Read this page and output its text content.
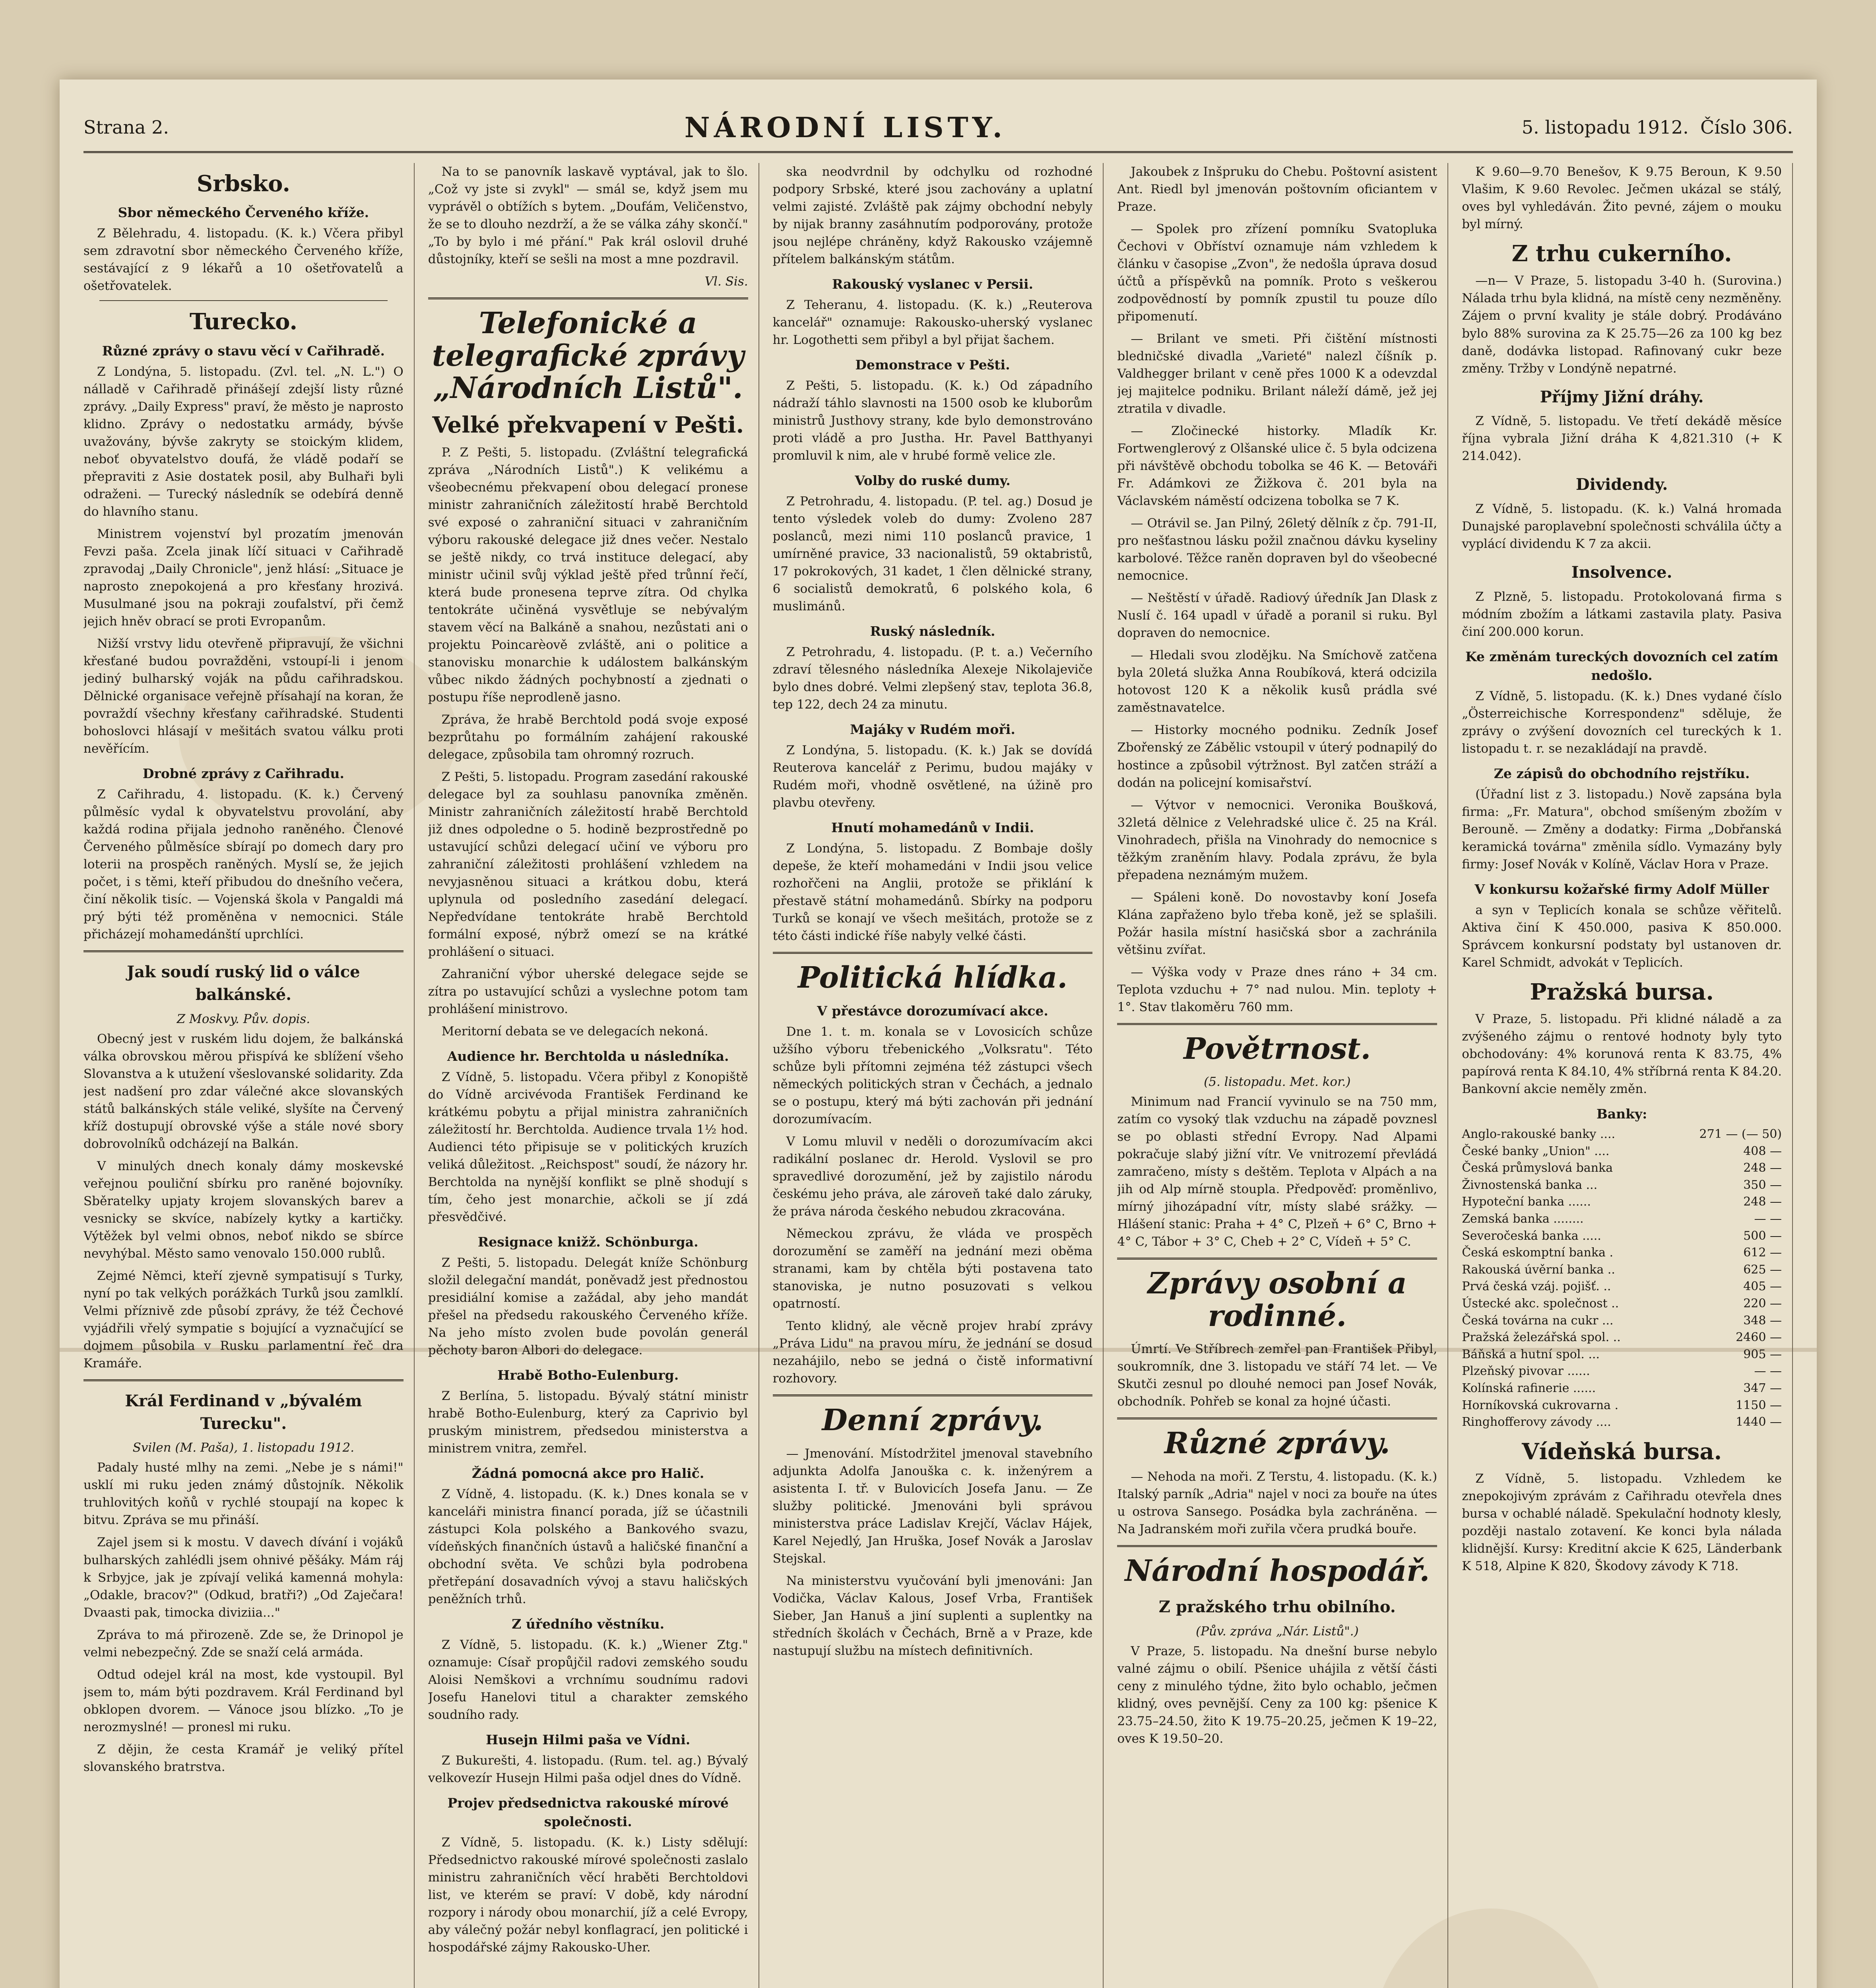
Strana 2.	NÁRODNÍ LISTY.	5. listopadu 1912. Číslo 306.
Srbsko.
Sbor německého Červeného kříže.

Z Bělehradu, 4. listopadu. (K. k.) Včera přibyl sem zdravotní sbor německého Červeného kříže, sestávající z 9 lékařů a 10 ošetřovatelů a ošetřovatelek.

Turecko.
Různé zprávy o stavu věcí v Cařihradě.

Z Londýna, 5. listopadu. (Zvl. tel. „N. L.") O nálladě v Cařihradě přinášejí zdejší listy různé zprávy. „Daily Express" praví, že město je naprosto klidno. Zprávy o nedostatku armády, bývše uvažovány, bývše zakryty se stoickým klidem, neboť obyvatelstvo doufá, že vládě podaří se přepraviti z Asie dostatek posil, aby Bulhaři byli odraženi. — Turecký následník se odebírá denně do hlavního stanu.

Ministrem vojenství byl prozatím jmenován Fevzi paša. Zcela jinak líčí situaci v Cařihradě zpravodaj „Daily Chronicle", jenž hlásí: „Situace je naprosto znepokojená a pro křesťany hrozivá. Musulmané jsou na pokraji zoufalství, při čemž jejich hněv obrací se proti Evropanům.

Nižší vrstvy lidu otevřeně připravují, že všichni křesťané budou povražděni, vstoupí-li i jenom jediný bulharský voják na půdu cařihradskou. Dělnické organisace veřejně přísahají na koran, že povraždí všechny křesťany cařihradské. Studenti bohoslovci hlásají v mešitách svatou válku proti nevěřícím.

Drobné zprávy z Cařihradu.

Z Cařihradu, 4. listopadu. (K. k.) Červený půlměsíc vydal k obyvatelstvu provolání, aby každá rodina přijala jednoho raněného. Členové Červeného půlměsíce sbírají po domech dary pro loterii na prospěch raněných. Myslí se, že jejich počet, i s těmi, kteří přibudou do dnešního večera, činí několik tisíc. — Vojenská škola v Pangaldi má prý býti též proměněna v nemocnici. Stále přicházejí mohamedánští uprchlíci.

Jak soudí ruský lid o válce balkánské.
Z Moskvy. Pův. dopis.

Obecný jest v ruském lidu dojem, že balkánská válka obrovskou měrou přispívá ke sblížení všeho Slovanstva a k utužení všeslovanské solidarity. Zda jest nadšení pro zdar válečné akce slovanských států balkánských stále veliké, slyšíte na Červený kříž dostupují obrovské výše a stále nové sbory dobrovolníků odcházejí na Balkán.

V minulých dnech konaly dámy moskevské veřejnou pouliční sbírku pro raněné bojovníky. Sběratelky upjaty krojem slovanských barev a vesnicky se skvíce, nabízely kytky a kartičky. Výtěžek byl velmi obnos, neboť nikdo se sbírce nevyhýbal. Město samo venovalo 150.000 rublů.

Zejmé Němci, kteří zjevně sympatisují s Turky, nyní po tak velkých porážkách Turků jsou zamlklí. Velmi příznivě zde působí zprávy, že též Čechové vyjádřili vřelý sympatie s bojující a vyznačující se dojmem působila v Rusku parlamentní řeč dra Kramáře.

Král Ferdinand v „bývalém Turecku".
Svilen (M. Paša), 1. listopadu 1912.

Padaly husté mlhy na zemi. „Nebe je s námi!" usklí mi ruku jeden známý důstojník. Několik truhlovitých koňů v rychlé stoupají na kopec k bitvu. Zpráva se mu přináší.

Zajel jsem si k mostu. V davech dívání i vojáků bulharských zahlédli jsem ohnivé pěšáky. Mám ráj k Srbyjce, jak je zpívají veliká kamenná mohyla: „Odakle, bracov?" (Odkud, bratři?) „Od Zaječara! Dvaasti pak, timocka diviziia..."

Zpráva to má přirozeně. Zde se, že Drinopol je velmi nebezpečný. Zde se snaží celá armáda.

Odtud odejel král na most, kde vystoupil. Byl jsem to, mám býti pozdravem. Král Ferdinand byl obklopen dvorem. — Vánoce jsou blízko. „To je nerozmyslné! — pronesl mi ruku.

Z dějin, že cesta Kramář je veliký přítel slovanského bratrstva.

Na to se panovník laskavě vyptával, jak to šlo. „Což vy jste si zvykl" — smál se, když jsem mu vyprávěl o obtížích s bytem. „Doufám, Veličenstvo, že se to dlouho nezdrží, a že se válka záhy skončí." „To by bylo i mé přání." Pak král oslovil druhé důstojníky, kteří se sešli na most a mne pozdravil.

Vl. Sis.
Telefonické a telegrafické zprávy „Národních Listů".
Velké překvapení v Pešti.

P. Z Pešti, 5. listopadu. (Zvláštní telegrafická zpráva „Národních Listů".) K velikému a všeobecnému překvapení obou delegací pronese ministr zahraničních záležitostí hrabě Berchtold své exposé o zahraniční situaci v zahraničním výboru rakouské delegace již dnes večer. Nestalo se ještě nikdy, co trvá instituce delegací, aby ministr učinil svůj výklad ještě před trůnní řečí, která bude pronesena teprve zítra. Od chylka tentokráte učiněná vysvětluje se nebývalým stavem věcí na Balkáně a snahou, nezůstati ani o projektu Poincarèově zvláště, ani o politice a stanovisku monarchie k událostem balkánským vůbec nikdo žádných pochybností a zjednati o postupu říše neprodleně jasno.

Zpráva, že hrabě Berchtold podá svoje exposé bezprůtahu po formálním zahájení rakouské delegace, způsobila tam ohromný rozruch.

Z Pešti, 5. listopadu. Program zasedání rakouské delegace byl za souhlasu panovníka změněn. Ministr zahraničních záležitostí hrabě Berchtold již dnes odpoledne o 5. hodině bezprostředně po ustavující schůzi delegací učiní ve výboru pro zahraniční záležitosti prohlášení vzhledem na nevyjasněnou situaci a krátkou dobu, která uplynula od posledního zasedání delegací. Nepředvídane tentokráte hrabě Berchtold formální exposé, nýbrž omezí se na krátké prohlášení o situaci.

Zahraniční výbor uherské delegace sejde se zítra po ustavující schůzi a vyslechne potom tam prohlášení ministrovo.

Meritorní debata se ve delegacích nekoná.

Audience hr. Berchtolda u následníka.

Z Vídně, 5. listopadu. Včera přibyl z Konopiště do Vídně arcivévoda František Ferdinand ke krátkému pobytu a přijal ministra zahraničních záležitostí hr. Berchtolda. Audience trvala 1½ hod. Audienci této připisuje se v politických kruzích veliká důležitost. „Reichspost" soudí, že názory hr. Berchtolda na nynější konflikt se plně shodují s tím, čeho jest monarchie, ačkoli se jí zdá přesvědčivé.

Resignace knižž. Schönburga.

Z Pešti, 5. listopadu. Delegát kníže Schönburg složil delegační mandát, poněvadž jest přednostou presidiální komise a zažádal, aby jeho mandát přešel na předsedu rakouského Červeného kříže. Na jeho místo zvolen bude povolán generál pěchoty baron Albori do delegace.

Hrabě Botho-Eulenburg.

Z Berlína, 5. listopadu. Bývalý státní ministr hrabě Botho-Eulenburg, který za Caprivio byl pruským ministrem, předsedou ministerstva a ministrem vnitra, zemřel.

Žádná pomocná akce pro Halič.

Z Vídně, 4. listopadu. (K. k.) Dnes konala se v kanceláři ministra financí porada, jíž se účastnili zástupci Kola polského a Bankového svazu, vídeňských finančních ústavů a haličské finanční a obchodní světa. Ve schůzi byla podrobena přetřepání dosavadních vývoj a stavu haličských peněžních trhů.

Z úředního věstníku.

Z Vídně, 5. listopadu. (K. k.) „Wiener Ztg." oznamuje: Císař propůjčil radovi zemského soudu Aloisi Nemškovi a vrchnímu soudnímu radovi Josefu Hanelovi titul a charakter zemského soudního rady.

Husejn Hilmi paša ve Vídni.

Z Bukurešti, 4. listopadu. (Rum. tel. ag.) Bývalý velkovezír Husejn Hilmi paša odjel dnes do Vídně.

Projev předsednictva rakouské mírové společnosti.

Z Vídně, 5. listopadu. (K. k.) Listy sdělují: Předsednictvo rakouské mírové společnosti zaslalo ministru zahraničních věcí hraběti Berchtoldovi list, ve kterém se praví: V době, kdy národní rozpory i národy obou monarchií, jíž a celé Evropy, aby válečný požár nebyl konflagrací, jen politické i hospodářské zájmy Rakousko-Uher.

ska neodvrdnil by odchylku od rozhodné podpory Srbské, které jsou zachovány a uplatní velmi zajisté. Zvláště pak zájmy obchodní nebyly by nijak branny zasáhnutím podporovány, protože jsou nejlépe chráněny, když Rakousko vzájemně přítelem balkánským státům.

Rakouský vyslanec v Persii.

Z Teheranu, 4. listopadu. (K. k.) „Reuterova kancelář" oznamuje: Rakousko-uherský vyslanec hr. Logothetti sem přibyl a byl přijat šachem.

Demonstrace v Pešti.

Z Pešti, 5. listopadu. (K. k.) Od západního nádraží táhlo slavnosti na 1500 osob ke kluborům ministrů Justhovy strany, kde bylo demonstrováno proti vládě a pro Justha. Hr. Pavel Batthyanyi promluvil k nim, ale v hrubé formě velice zle.

Volby do ruské dumy.

Z Petrohradu, 4. listopadu. (P. tel. ag.) Dosud je tento výsledek voleb do dumy: Zvoleno 287 poslanců, mezi nimi 110 poslanců pravice, 1 umírněné pravice, 33 nacionalistů, 59 oktabristů, 17 pokrokových, 31 kadet, 1 člen dělnické strany, 6 socialistů demokratů, 6 polského kola, 6 muslimánů.

Ruský následník.

Z Petrohradu, 4. listopadu. (P. t. a.) Večerního zdraví tělesného následníka Alexeje Nikolajeviče bylo dnes dobré. Velmi zlepšený stav, teplota 36.8, tep 122, dech 24 za minutu.

Majáky v Rudém moři.

Z Londýna, 5. listopadu. (K. k.) Jak se dovídá Reuterova kancelář z Perimu, budou majáky v Rudém moři, vhodně osvětlené, na úžině pro plavbu otevřeny.

Hnutí mohamedánů v Indii.

Z Londýna, 5. listopadu. Z Bombaje došly depeše, že kteří mohamedáni v Indii jsou velice rozhořčeni na Anglii, protože se přiklání k přestavě státní mohamedánů. Sbírky na podporu Turků se konají ve všech mešitách, protože se z této části indické říše nabyly velké části.

Politická hlídka.
V přestávce dorozumívací akce.

Dne 1. t. m. konala se v Lovosicích schůze užšího výboru třebenického „Volksratu". Této schůze byli přítomni zejména též zástupci všech německých politických stran v Čechách, a jednalo se o postupu, který má býti zachován při jednání dorozumívacím.

V Lomu mluvil v neděli o dorozumívacím akci radikální poslanec dr. Herold. Vyslovil se pro spravedlivé dorozumění, jež by zajistilo národu českému jeho práva, ale zároveň také dalo záruky, že práva národa českého nebudou zkracována.

Německou zprávu, že vláda ve prospěch dorozumění se zaměří na jednání mezi oběma stranami, kam by chtěla býti postavena tato stanoviska, je nutno posuzovati s velkou opatrností.

Tento klidný, ale věcně projev hrabí zprávy „Práva Lidu" na pravou míru, že jednání se dosud nezahájilo, nebo se jedná o čistě informativní rozhovory.

Denní zprávy.

— Jmenování. Místodržitel jmenoval stavebního adjunkta Adolfa Janouška c. k. inženýrem a asistenta I. tř. v Bulovicích Josefa Janu. — Ze služby politické. Jmenováni byli správou ministerstva práce Ladislav Krejčí, Václav Hájek, Karel Nejedlý, Jan Hruška, Josef Novák a Jaroslav Stejskal.

Na ministerstvu vyučování byli jmenováni: Jan Vodička, Václav Kalous, Josef Vrba, František Sieber, Jan Hanuš a jiní suplenti a suplentky na středních školách v Čechách, Brně a v Praze, kde nastupují službu na místech definitivních.

Jakoubek z Inšpruku do Chebu. Poštovní asistent Ant. Riedl byl jmenován poštovním oficiantem v Praze.

— Spolek pro zřízení pomníku Svatopluka Čechovi v Obříství oznamuje nám vzhledem k článku v časopise „Zvon", že nedošla úprava dosud účtů a příspěvků na pomník. Proto s veškerou zodpovědností by pomník zpustil tu pouze dílo připomenutí.

— Brilant ve smeti. Při čištění místnosti bledničské divadla „Varieté" nalezl číšník p. Valdhegger brilant v ceně přes 1000 K a odevzdal jej majitelce podniku. Brilant náleží dámě, jež jej ztratila v divadle.

— Zločinecké historky. Mladík Kr. Fortwenglerový z Olšanské ulice č. 5 byla odcizena při návštěvě obchodu tobolka se 46 K. — Betováři Fr. Adámkovi ze Žižkova č. 201 byla na Václavském náměstí odcizena tobolka se 7 K.

— Otrávil se. Jan Pilný, 26letý dělník z čp. 791-II, pro nešťastnou lásku požil značnou dávku kyseliny karbolové. Těžce raněn dopraven byl do všeobecné nemocnice.

— Neštěstí v úřadě. Radiový úředník Jan Dlask z Nuslí č. 164 upadl v úřadě a poranil si ruku. Byl dopraven do nemocnice.

— Hledali svou zlodějku. Na Smíchově zatčena byla 20letá služka Anna Roubíková, která odcizila hotovost 120 K a několik kusů prádla své zaměstnavatelce.

— Historky mocného podniku. Zedník Josef Zbořenský ze Zábělic vstoupil v úterý podnapilý do hostince a způsobil výtržnost. Byl zatčen stráží a dodán na policejní komisařství.

— Výtvor v nemocnici. Veronika Boušková, 32letá dělnice z Velehradské ulice č. 25 na Král. Vinohradech, přišla na Vinohrady do nemocnice s těžkým zraněním hlavy. Podala zprávu, že byla přepadena neznámým mužem.

— Spáleni koně. Do novostavby koní Josefa Klána zapřaženo bylo třeba koně, jež se splašili. Požár hasila místní hasičská sbor a zachránila většinu zvířat.

— Výška vody v Praze dnes ráno + 34 cm. Teplota vzduchu + 7° nad nulou. Min. teploty + 1°. Stav tlakoměru 760 mm.

Povětrnost.
(5. listopadu. Met. kor.)

Minimum nad Francií vyvinulo se na 750 mm, zatím co vysoký tlak vzduchu na západě povznesl se po oblasti střední Evropy. Nad Alpami pokračuje slabý jižní vítr. Ve vnitrozemí převládá zamračeno, místy s deštěm. Teplota v Alpách a na jih od Alp mírně stoupla. Předpověď: proměnlivo, mírný jihozápadní vítr, místy slabé srážky. — Hlášení stanic: Praha + 4° C, Plzeň + 6° C, Brno + 4° C, Tábor + 3° C, Cheb + 2° C, Vídeň + 5° C.

Zprávy osobní a rodinné.

Úmrtí. Ve Stříbrech zemřel pan František Přibyl, soukromník, dne 3. listopadu ve stáří 74 let. — Ve Skutči zesnul po dlouhé nemoci pan Josef Novák, obchodník. Pohřeb se konal za hojné účasti.

Různé zprávy.

— Nehoda na moři. Z Terstu, 4. listopadu. (K. k.) Italský parník „Adria" najel v noci za bouře na útes u ostrova Sansego. Posádka byla zachráněna. — Na Jadranském moři zuřila včera prudká bouře.

Národní hospodář.
Z pražského trhu obilního.
(Pův. zpráva „Nár. Listů".)

V Praze, 5. listopadu. Na dnešní burse nebylo valné zájmu o obilí. Pšenice uhájila z větší části ceny z minulého týdne, žito bylo ochablo, ječmen klidný, oves pevnější. Ceny za 100 kg: pšenice K 23.75–24.50, žito K 19.75–20.25, ječmen K 19–22, oves K 19.50–20.

K 9.60—9.70 Benešov, K 9.75 Beroun, K 9.50 Vlašim, K 9.60 Revolec. Ječmen ukázal se stálý, oves byl vyhledáván. Žito pevné, zájem o mouku byl mírný.

Z trhu cukerního.

—n— V Praze, 5. listopadu 3-40 h. (Surovina.) Nálada trhu byla klidná, na místě ceny nezměněny. Zájem o první kvality je stále dobrý. Prodáváno bylo 88% surovina za K 25.75—26 za 100 kg bez daně, dodávka listopad. Rafinovaný cukr beze změny. Tržby v Londýně nepatrné.

Příjmy Jižní dráhy.

Z Vídně, 5. listopadu. Ve třetí dekádě měsíce října vybrala Jižní dráha K 4,821.310 (+ K 214.042).

Dividendy.

Z Vídně, 5. listopadu. (K. k.) Valná hromada Dunajské paroplavební společnosti schválila účty a vyplácí dividendu K 7 za akcii.

Insolvence.

Z Plzně, 5. listopadu. Protokolovaná firma s módním zbožím a látkami zastavila platy. Pasiva činí 200.000 korun.

Ke změnám tureckých dovozních cel zatím nedošlo.

Z Vídně, 5. listopadu. (K. k.) Dnes vydané číslo „Österreichische Korrespondenz" sděluje, že zprávy o zvýšení dovozních cel tureckých k 1. listopadu t. r. se nezakládají na pravdě.

Ze zápisů do obchodního rejstříku.

(Úřadní list z 3. listopadu.) Nově zapsána byla firma: „Fr. Matura", obchod smíšeným zbožím v Berouně. — Změny a dodatky: Firma „Dobřanská keramická továrna" změnila sídlo. Vymazány byly firmy: Josef Novák v Kolíně, Václav Hora v Praze.

V konkursu kožařské firmy Adolf Müller

a syn v Teplicích konala se schůze věřitelů. Aktiva činí K 450.000, pasiva K 850.000. Správcem konkursní podstaty byl ustanoven dr. Karel Schmidt, advokát v Teplicích.

Pražská bursa.

V Praze, 5. listopadu. Při klidné náladě a za zvýšeného zájmu o rentové hodnoty byly tyto obchodovány: 4% korunová renta K 83.75, 4% papírová renta K 84.10, 4% stříbrná renta K 84.20. Bankovní akcie neměly změn.

Banky:
Anglo-rakouské banky ....	271 — (— 50)
České banky „Union" ....	408 —
Česká průmyslová banka	248 —
Živnostenská banka ...	350 —
Hypoteční banka ......	248 —
Zemská banka ........	— —
Severočeská banka .....	500 —
Česká eskomptní banka .	612 —
Rakouská úvěrní banka ..	625 —
Prvá česká vzáj. pojišť. ..	405 —
Ústecké akc. společnost ..	220 —
Česká továrna na cukr ...	348 —
Pražská železářská spol. ..	2460 —
Báňská a hutní spol. ...	905 —
Plzeňský pivovar ......	— —
Kolínská rafinerie ......	347 —
Horníkovská cukrovarna .	1150 —
Ringhofferovy závody ....	1440 —
Vídeňská bursa.

Z Vídně, 5. listopadu. Vzhledem ke znepokojivým zprávám z Cařihradu otevřela dnes bursa v ochablé náladě. Spekulační hodnoty klesly, později nastalo zotavení. Ke konci byla nálada klidnější. Kursy: Kreditní akcie K 625, Länderbank K 518, Alpine K 820, Škodovy závody K 718.
